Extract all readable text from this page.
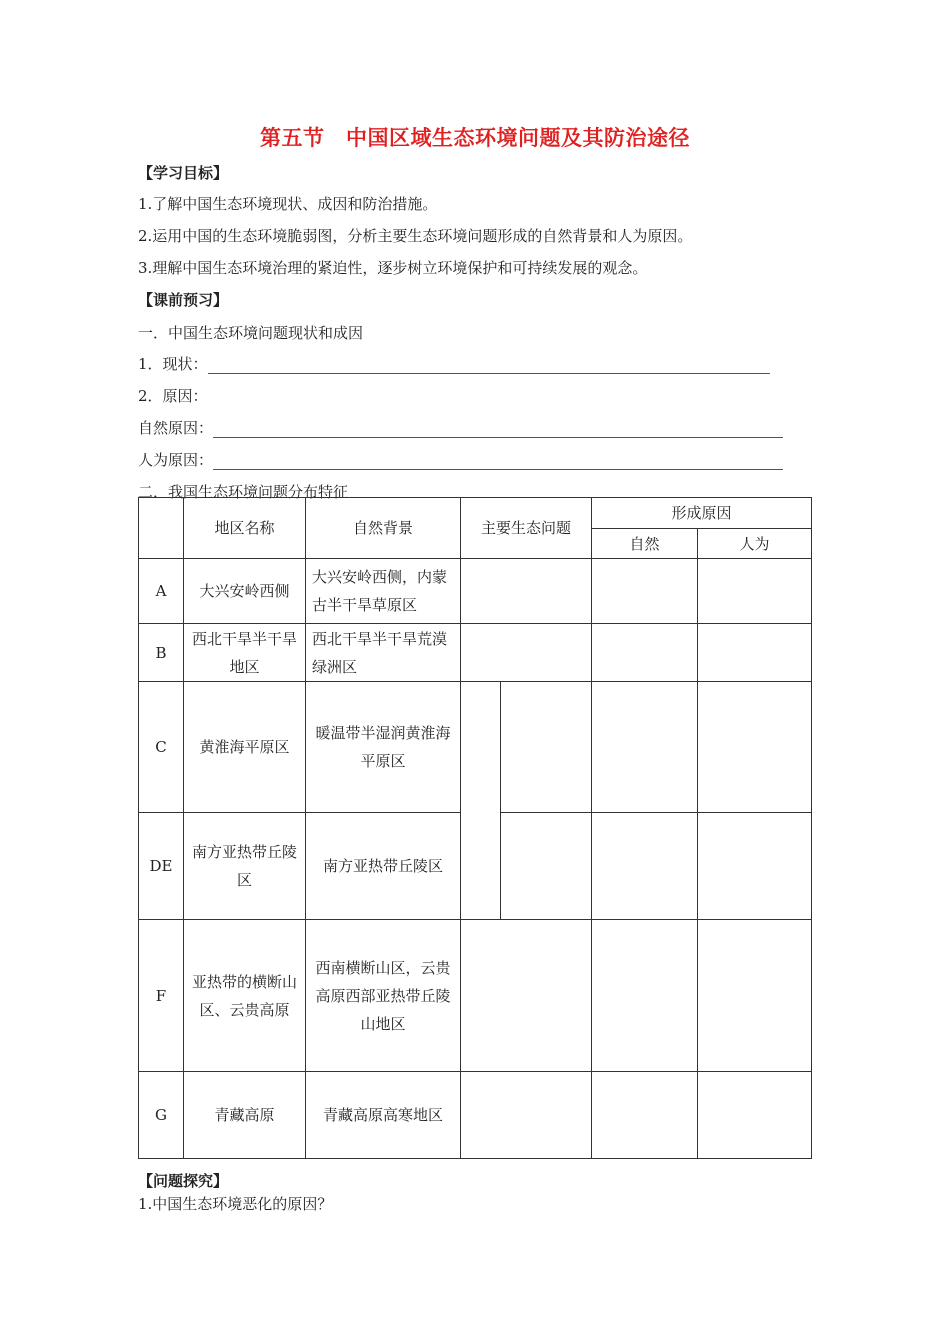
第五节　中国区域生态环境问题及其防治途径
【学习目标】
1.了解中国生态环境现状、成因和防治措施。
2.运用中国的生态环境脆弱图，分析主要生态环境问题形成的自然背景和人为原因。
3.理解中国生态环境治理的紧迫性，逐步树立环境保护和可持续发展的观念。
【课前预习】
一．中国生态环境问题现状和成因
1．现状：
2．原因：
自然原因：
人为原因：
二．我国生态环境问题分布特征
	地区名称	自然背景	主要生态问题		形成原因	
					自然	人为
A	大兴安岭西侧	大兴安岭西侧，内蒙古半干旱草原区				

B	西北干旱半干旱地区	西北干旱半干旱荒漠绿洲区				

C	黄淮海平原区	暖温带半湿润黄淮海平原区				

DE	南方亚热带丘陵区	南方亚热带丘陵区				

F	亚热带的横断山区、云贵高原	西南横断山区，云贵高原西部亚热带丘陵山地区				

G	青藏高原	青藏高原高寒地区				

【问题探究】
1.中国生态环境恶化的原因？
